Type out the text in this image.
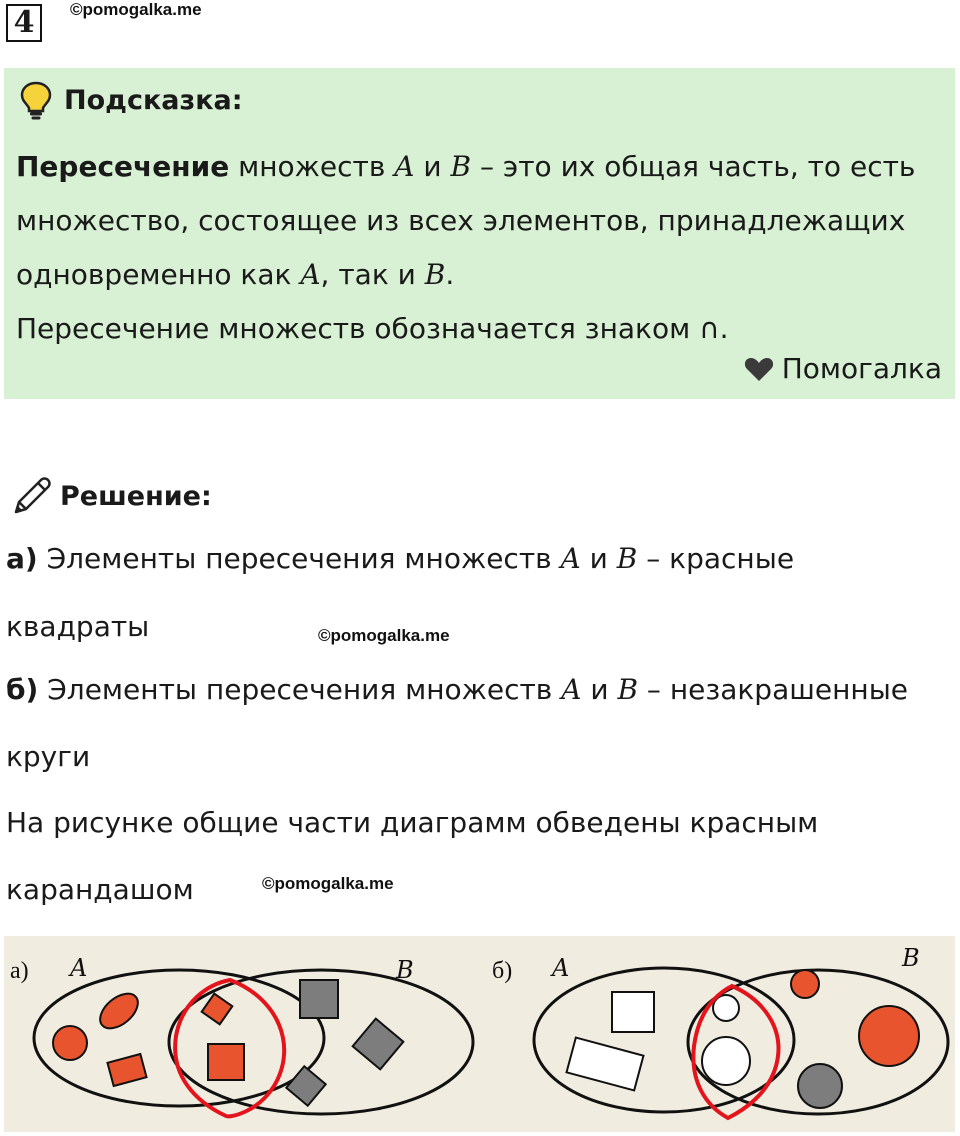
4	©pomogalka.me
Подсказка:
Пересечение множеств A и B – это их общая часть, то есть множество, состоящее из всех элементов, принадлежащих одновременно как A, так и B.
Пересечение множеств обозначается знаком ∩.
Помогалка
Решение:
а) Элементы пересечения множеств A и B – красные
квадраты	©pomogalka.me
б) Элементы пересечения множеств A и B – незакрашенные
круги
На рисунке общие части диаграмм обведены красным
карандашом	©pomogalka.me
а) A	B	б) A	B
